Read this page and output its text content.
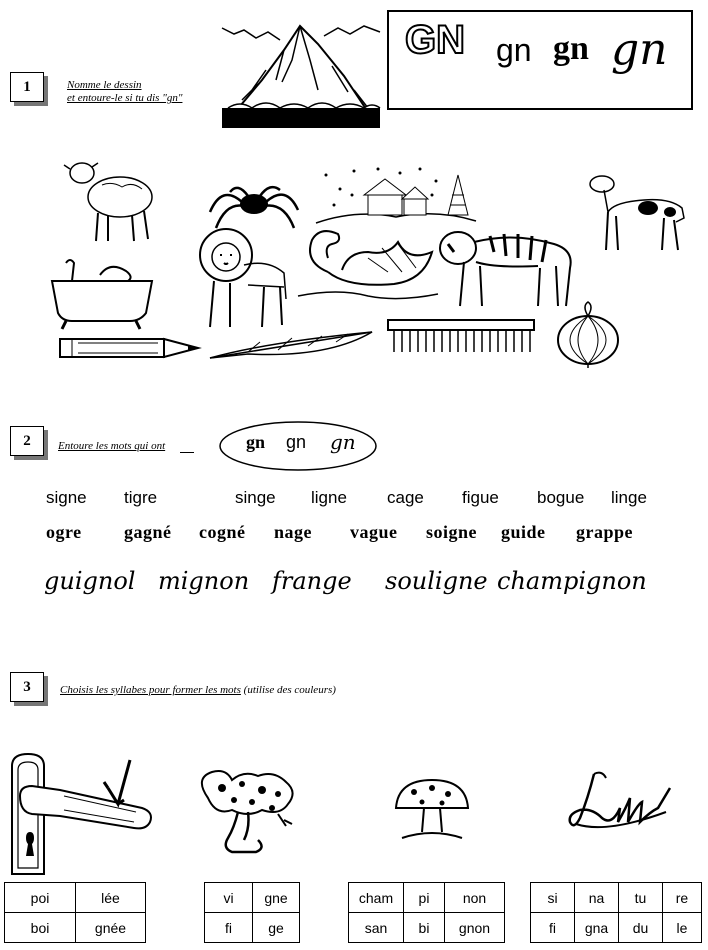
GN gn gn gn
1	Nomme le dessin
et entoure-le si tu dis "gn"
2	Entoure les mots qui ont	gn gn gn
signe tigre	singe ligne cage figue bogue linge
ogre gagné cogné nage vague soigne guide grappe
guignol mignon frange souligne champignon
3	Choisis les syllabes pour former les mots (utilise des couleurs)
poi	lée
boi	gnée
vi	gne
fi	ge
cham	pi	non
san	bi	gnon
si	na	tu	re
fi	gna	du	le
